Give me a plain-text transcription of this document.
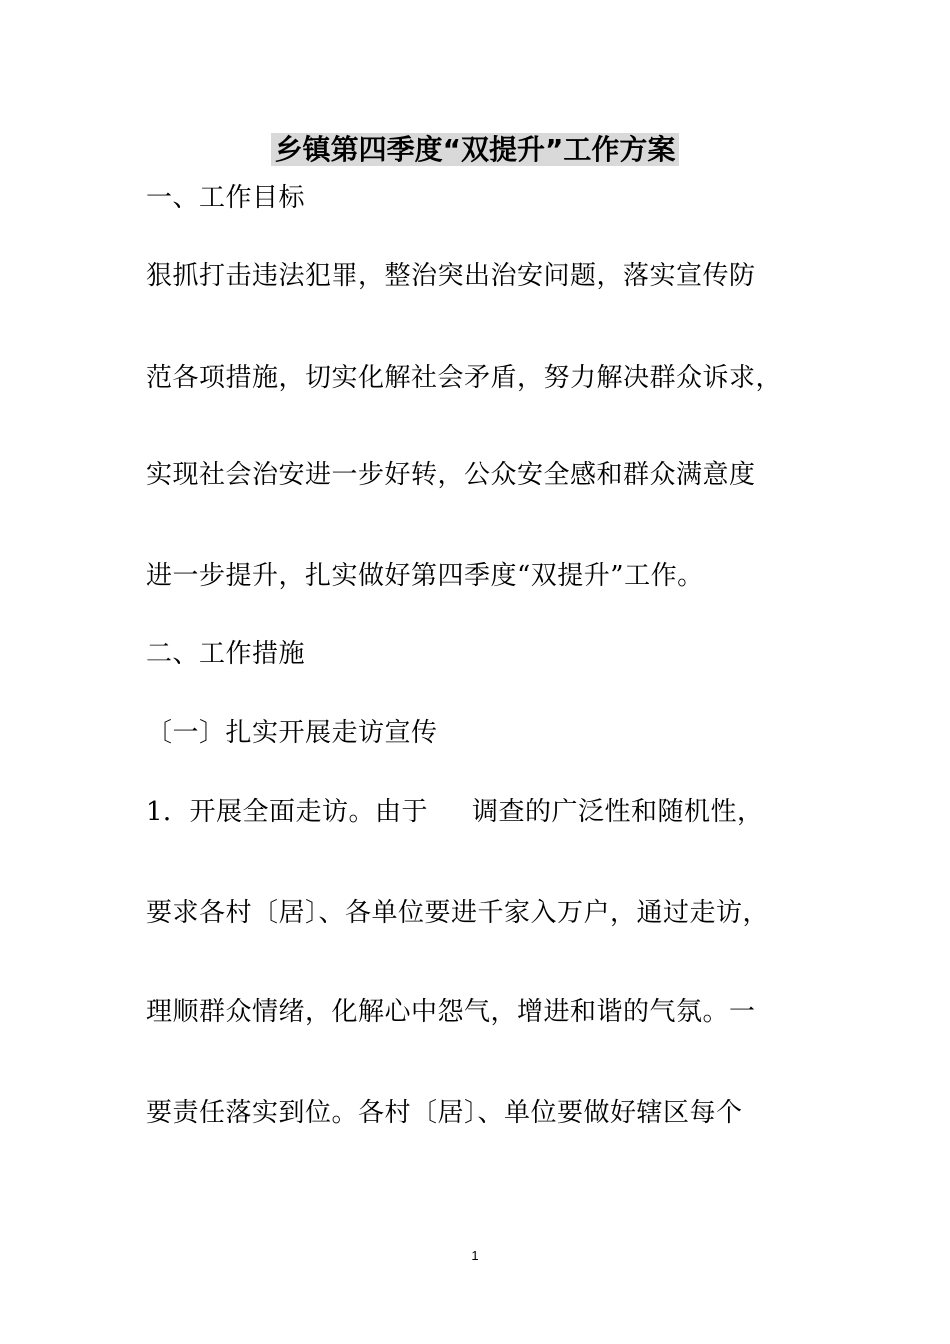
乡镇第四季度“双提升”工作方案
一、工作目标
狠抓打击违法犯罪，整治突出治安问题，落实宣传防
范各项措施，切实化解社会矛盾，努力解决群众诉求，
实现社会治安进一步好转，公众安全感和群众满意度
进一步提升，扎实做好第四季度“双提升”工作。
二、工作措施
〔一〕扎实开展走访宣传
1．开展全面走访。由于 调查的广泛性和随机性，
要求各村〔居〕、各单位要进千家入万户，通过走访，
理顺群众情绪，化解心中怨气，增进和谐的气氛。一
要责任落实到位。各村〔居〕、单位要做好辖区每个
1
